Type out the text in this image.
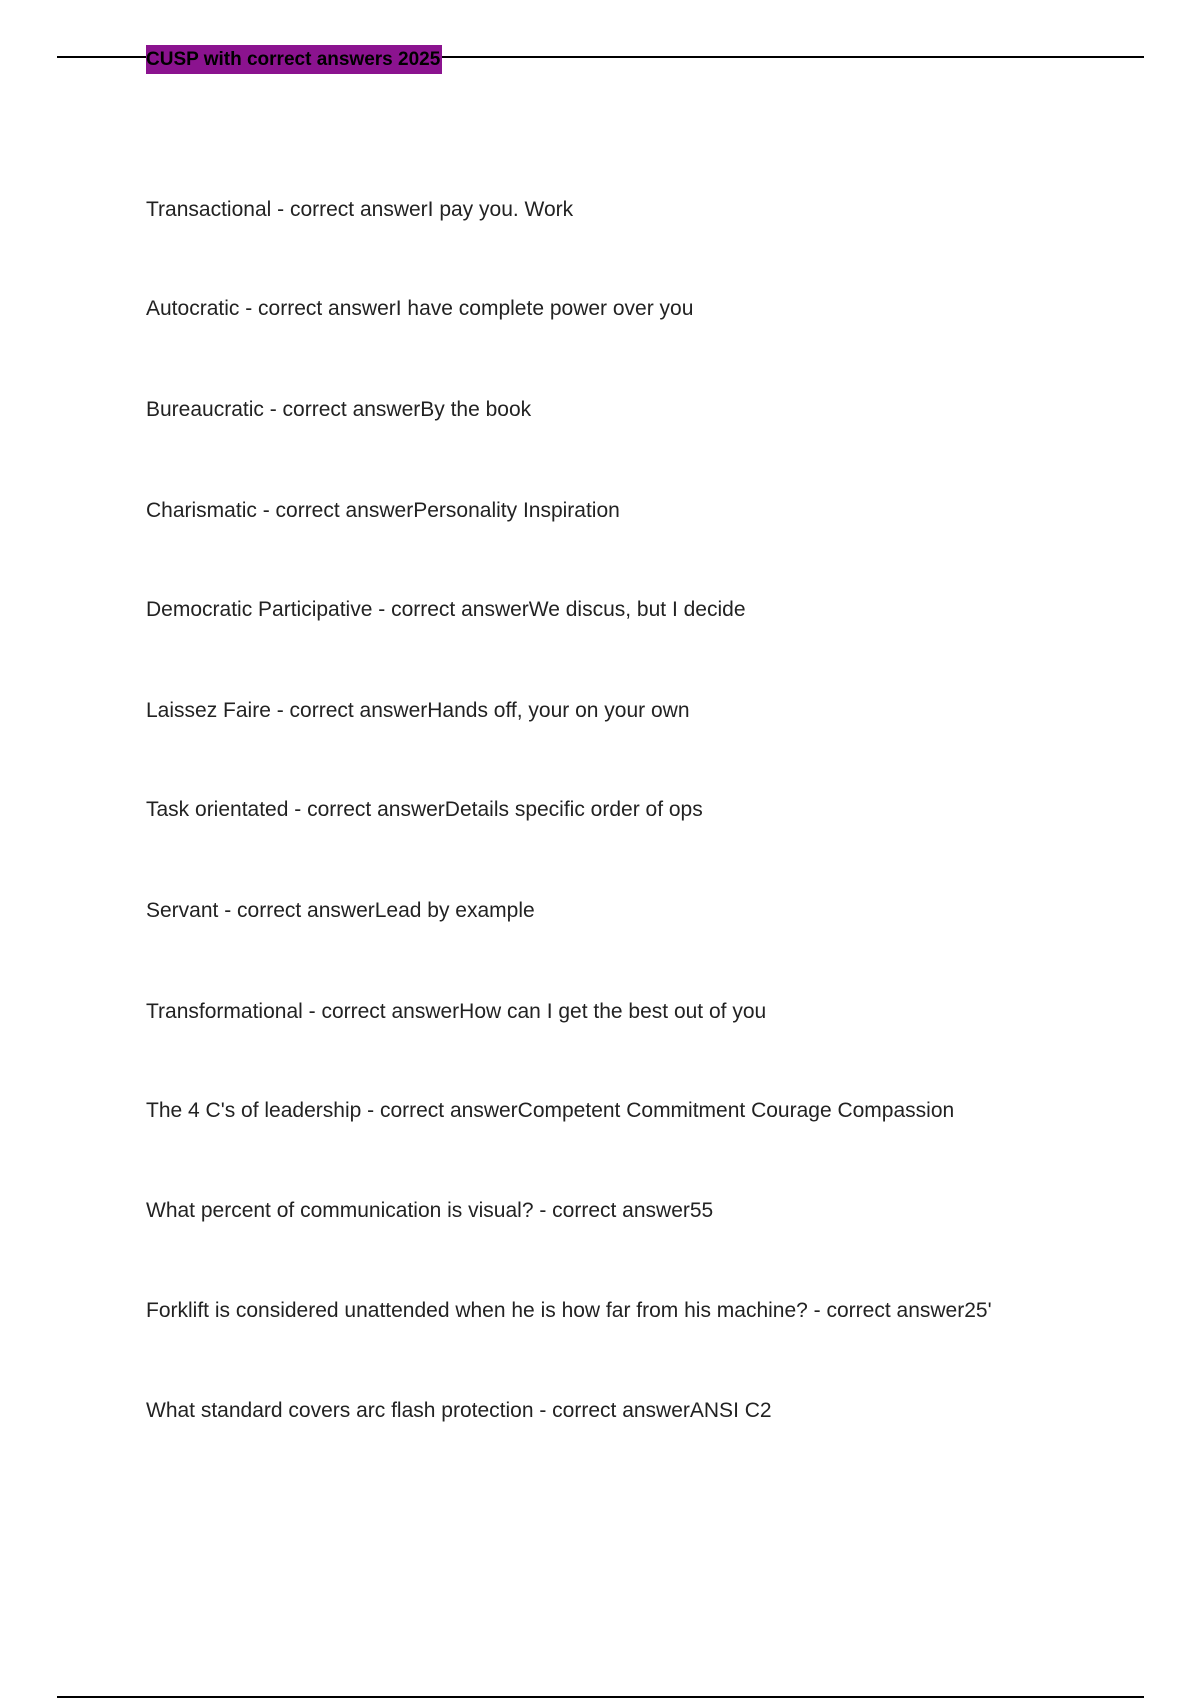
CUSP with correct answers 2025
Transactional - correct answerI pay you. Work
Autocratic - correct answerI have complete power over you
Bureaucratic - correct answerBy the book
Charismatic - correct answerPersonality Inspiration
Democratic Participative - correct answerWe discus, but I decide
Laissez Faire - correct answerHands off, your on your own
Task orientated - correct answerDetails specific order of ops
Servant - correct answerLead by example
Transformational - correct answerHow can I get the best out of you
The 4 C's of leadership - correct answerCompetent Commitment Courage Compassion
What percent of communication is visual? - correct answer55
Forklift is considered unattended when he is how far from his machine? - correct answer25'
What standard covers arc flash protection - correct answerANSI C2
